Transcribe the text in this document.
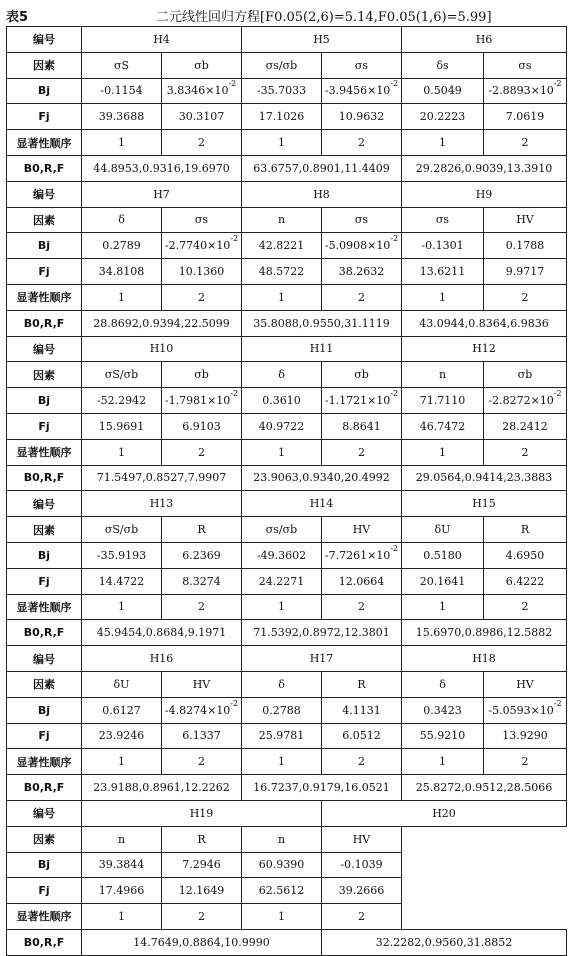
表5	二元线性回归方程[F0.05(2,6)=5.14,F0.05(1,6)=5.99]
编号	H4		H5		H6	
因素	σS	σb	σs/σb	σs	δs	σs
Bj	-0.1154	$3.8346\times 10^{-2}$	-35.7033	$-3.9456\times 10^{-2}$	0.5049	$-2.8893\times 10^{-2}$
Fj	39.3688	30.3107	17.1026	10.9632	20.2223	7.0619
显著性顺序	1	2	1	2	1	2
B0,R,F	44.8953,0.9316,19.6970		63.6757,0.8901,11.4409		29.2826,0.9039,13.3910	
编号	H7		H8		H9	
因素	δ	σs	n	σs	σs	HV
Bj	0.2789	$-2.7740\times 10^{-2}$	42.8221	$-5.0908\times 10^{-2}$	-0.1301	0.1788
Fj	34.8108	10.1360	48.5722	38.2632	13.6211	9.9717
显著性顺序	1	2	1	2	1	2
B0,R,F	28.8692,0.9394,22.5099		35.8088,0.9550,31.1119		43.0944,0.8364,6.9836	
编号	H10		H11		H12	
因素	σS/σb	σb	δ	σb	n	σb
Bj	-52.2942	$-1.7981\times 10^{-2}$	0.3610	$-1.1721\times 10^{-2}$	71.7110	$-2.8272\times 10^{-2}$
Fj	15.9691	6.9103	40.9722	8.8641	46.7472	28.2412
显著性顺序	1	2	1	2	1	2
B0,R,F	71.5497,0.8527,7.9907		23.9063,0.9340,20.4992		29.0564,0.9414,23.3883	
编号	H13		H14		H15	
因素	σS/σb	R	σs/σb	HV	δU	R
Bj	-35.9193	6.2369	-49.3602	$-7.7261\times 10^{-2}$	0.5180	4.6950
Fj	14.4722	8.3274	24.2271	12.0664	20.1641	6.4222
显著性顺序	1	2	1	2	1	2
B0,R,F	45.9454,0.8684,9.1971		71.5392,0.8972,12.3801		15.6970,0.8986,12.5882	
编号	H16		H17		H18	
因素	δU	HV	δ	R	δ	HV
Bj	0.6127	$-4.8274\times 10^{-2}$	0.2788	4.1131	0.3423	$-5.0593\times 10^{-2}$
Fj	23.9246	6.1337	25.9781	6.0512	55.9210	13.9290
显著性顺序	1	2	1	2	1	2
B0,R,F	23.9188,0.8961,12.2262		16.7237,0.9179,16.0521		25.8272,0.9512,28.5066	
编号	H19			H20		
因素	n	R	n	HV		
Bj	39.3844	7.2946	60.9390	-0.1039		
Fj	17.4966	12.1649	62.5612	39.2666		
显著性顺序	1	2	1	2		
B0,R,F	14.7649,0.8864,10.9990			32.2282,0.9560,31.8852		
